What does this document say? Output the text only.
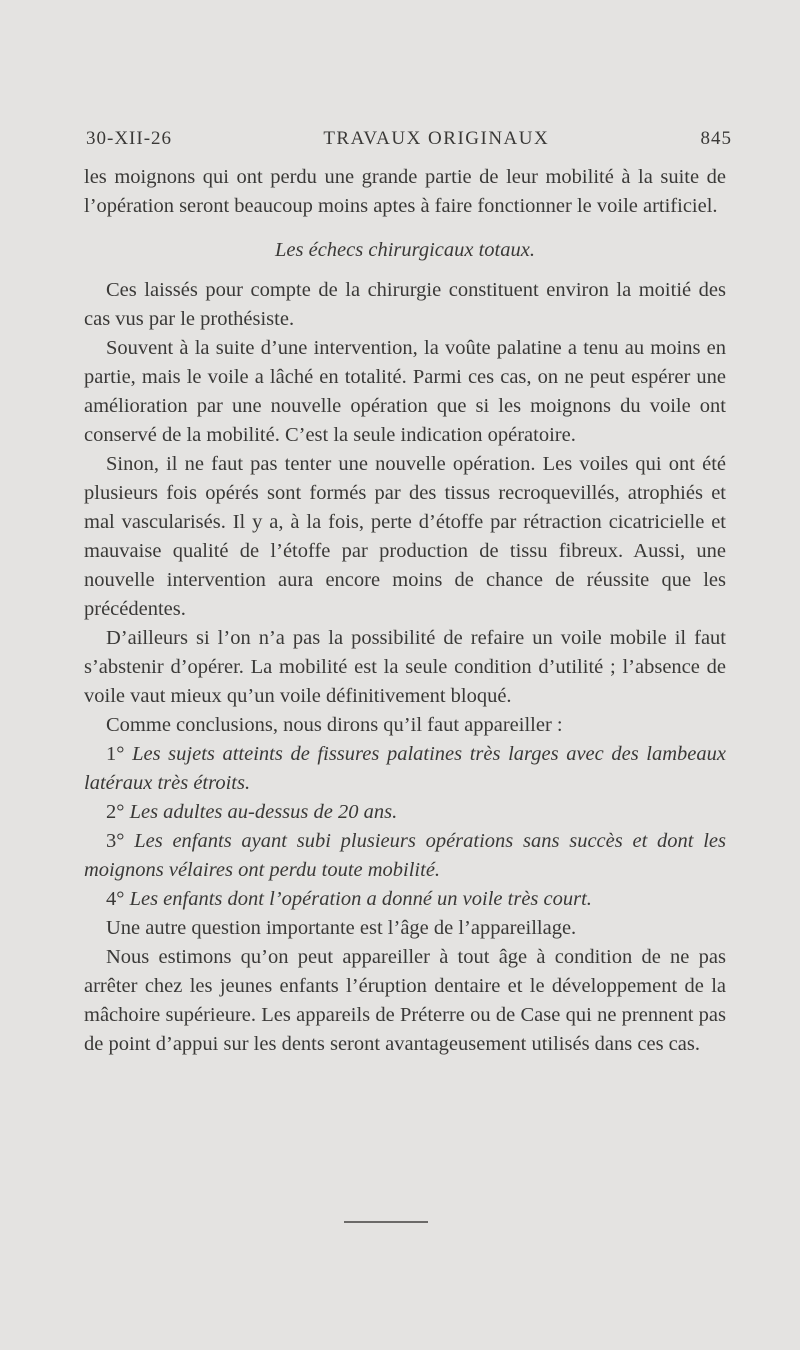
30-XII-26	TRAVAUX ORIGINAUX	845

les moignons qui ont perdu une grande partie de leur mobilité à la suite de l’opération seront beaucoup moins aptes à faire fonctionner le voile artificiel.

Les échecs chirurgicaux totaux.

Ces laissés pour compte de la chirurgie constituent environ la moitié des cas vus par le prothésiste.

Souvent à la suite d’une intervention, la voûte palatine a tenu au moins en partie, mais le voile a lâché en totalité. Parmi ces cas, on ne peut espérer une amélioration par une nouvelle opération que si les moignons du voile ont conservé de la mobilité. C’est la seule indication opératoire.

Sinon, il ne faut pas tenter une nouvelle opération. Les voiles qui ont été plusieurs fois opérés sont formés par des tissus recroquevillés, atrophiés et mal vascularisés. Il y a, à la fois, perte d’étoffe par rétraction cicatricielle et mauvaise qualité de l’étoffe par production de tissu fibreux. Aussi, une nouvelle intervention aura encore moins de chance de réussite que les précédentes.

D’ailleurs si l’on n’a pas la possibilité de refaire un voile mobile il faut s’abstenir d’opérer. La mobilité est la seule condition d’utilité ; l’absence de voile vaut mieux qu’un voile définitivement bloqué.

Comme conclusions, nous dirons qu’il faut appareiller :

1° Les sujets atteints de fissures palatines très larges avec des lambeaux latéraux très étroits.

2° Les adultes au-dessus de 20 ans.

3° Les enfants ayant subi plusieurs opérations sans succès et dont les moignons vélaires ont perdu toute mobilité.

4° Les enfants dont l’opération a donné un voile très court.

Une autre question importante est l’âge de l’appareillage.

Nous estimons qu’on peut appareiller à tout âge à condition de ne pas arrêter chez les jeunes enfants l’éruption dentaire et le développement de la mâchoire supérieure. Les appareils de Préterre ou de Case qui ne prennent pas de point d’appui sur les dents seront avantageusement utilisés dans ces cas.
